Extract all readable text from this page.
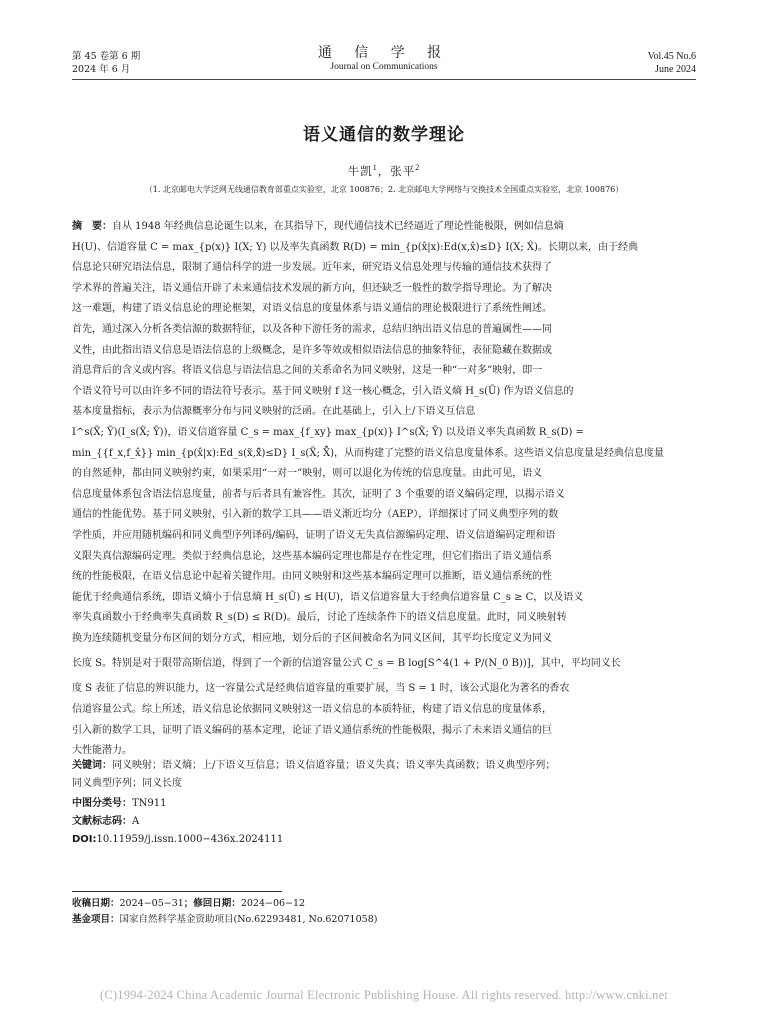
第 45 卷第 6 期
2024 年 6 月
通 信 学 报
Journal on Communications
Vol.45 No.6
June 2024
语义通信的数学理论
牛凯$^1$，张平$^2$
（1. 北京邮电大学泛网无线通信教育部重点实验室，北京 100876；2. 北京邮电大学网络与交换技术全国重点实验室，北京 100876）

摘　要：自从 1948 年经典信息论诞生以来，在其指导下，现代通信技术已经逼近了理论性能极限，例如信息熵

H(U)、信道容量 C = max_{p(x)} I(X; Y) 以及率失真函数 R(D) = min_{p(x̂|x):Ed(x,x̂)≤D} I(X; X̂)。长期以来，由于经典

信息论只研究语法信息，限制了通信科学的进一步发展。近年来，研究语义信息处理与传输的通信技术获得了

学术界的普遍关注，语义通信开辟了未来通信技术发展的新方向，但还缺乏一般性的数学指导理论。为了解决

这一难题，构建了语义信息论的理论框架，对语义信息的度量体系与语义通信的理论极限进行了系统性阐述。

首先，通过深入分析各类信源的数据特征，以及各种下游任务的需求，总结归纳出语义信息的普遍属性——同

义性，由此指出语义信息是语法信息的上级概念，是许多等效或相似语法信息的抽象特征，表征隐藏在数据或

消息背后的含义或内容。将语义信息与语法信息之间的关系命名为同义映射，这是一种“一对多”映射，即一

个语义符号可以由许多不同的语法符号表示。基于同义映射 f 这一核心概念，引入语义熵 H_s(Ũ) 作为语义信息的

基本度量指标，表示为信源概率分布与同义映射的泛函。在此基础上，引入上/下语义互信息

I^s(X̃; Ỹ)(I_s(X̃; Ỹ))，语义信道容量 C_s = max_{f_xy} max_{p(x)} I^s(X̃; Ỹ) 以及语义率失真函数 R_s(D) =

min_{{f_x,f_x̂}} min_{p(x̂|x):Ed_s(x̃,x̃̂)≤D} I_s(X̃; X̃̂)，从而构建了完整的语义信息度量体系。这些语义信息度量是经典信息度量

的自然延伸，都由同义映射约束，如果采用“一对一”映射，则可以退化为传统的信息度量。由此可见，语义

信息度量体系包含语法信息度量，前者与后者具有兼容性。其次，证明了 3 个重要的语义编码定理，以揭示语义

通信的性能优势。基于同义映射，引入新的数学工具——语义渐近均分（AEP），详细探讨了同义典型序列的数

学性质，并应用随机编码和同义典型序列译码/编码，证明了语义无失真信源编码定理、语义信道编码定理和语

义限失真信源编码定理。类似于经典信息论，这些基本编码定理也都是存在性定理，但它们指出了语义通信系

统的性能极限，在语义信息论中起着关键作用。由同义映射和这些基本编码定理可以推断，语义通信系统的性

能优于经典通信系统，即语义熵小于信息熵 H_s(Ũ) ≤ H(U)，语义信道容量大于经典信道容量 C_s ≥ C，以及语义

率失真函数小于经典率失真函数 R_s(D) ≤ R(D)。最后，讨论了连续条件下的语义信息度量。此时，同义映射转

换为连续随机变量分布区间的划分方式，相应地，划分后的子区间被命名为同义区间，其平均长度定义为同义

长度 S。特别是对于限带高斯信道，得到了一个新的信道容量公式 C_s = B log[S^4(1 + P/(N_0 B))]，其中，平均同义长

度 S 表征了信息的辨识能力，这一容量公式是经典信道容量的重要扩展，当 S = 1 时，该公式退化为著名的香农

信道容量公式。综上所述，语义信息论依据同义映射这一语义信息的本质特征，构建了语义信息的度量体系，

引入新的数学工具，证明了语义编码的基本定理，论证了语义通信系统的性能极限，揭示了未来语义通信的巨

大性能潜力。

关键词：同义映射；语义熵；上/下语义互信息；语义信道容量；语义失真；语义率失真函数；语义典型序列；
同义典型序列；同义长度
中图分类号：TN911
文献标志码：A
DOI:10.11959/j.issn.1000−436x.2024111
收稿日期：2024−05−31；修回日期：2024−06−12
基金项目：国家自然科学基金资助项目(No.62293481, No.62071058)
(C)1994-2024 China Academic Journal Electronic Publishing House. All rights reserved. http://www.cnki.net
